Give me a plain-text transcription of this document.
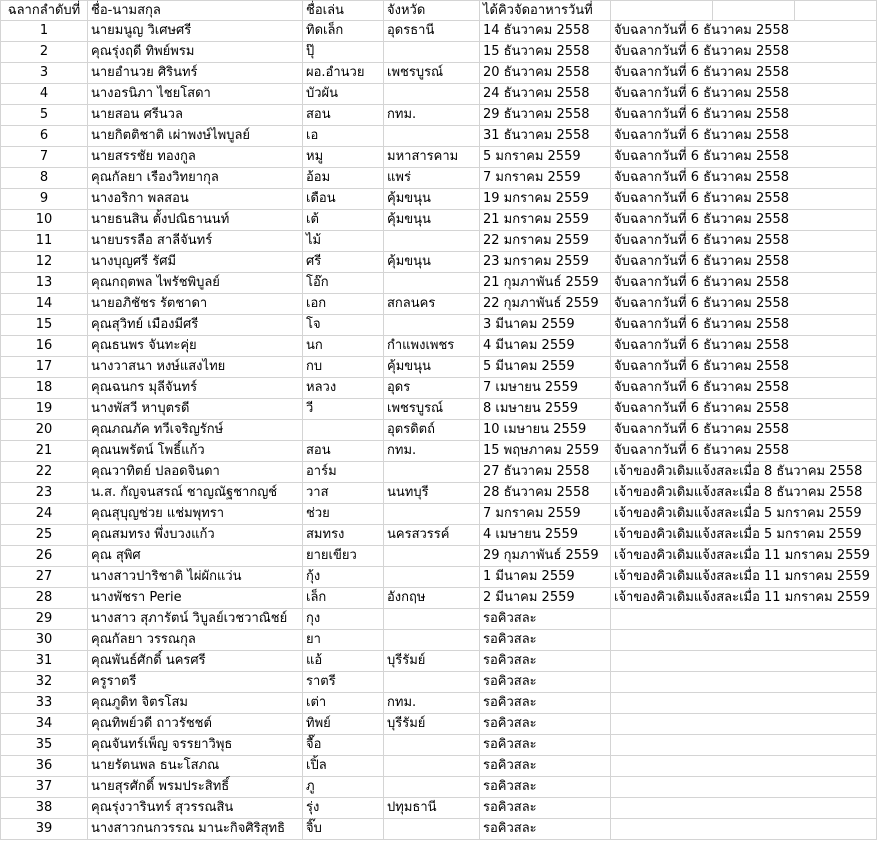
ฉลากลำดับที่	ชื่อ-นามสกุล	ชื่อเล่น	จังหวัด	ได้คิวจัดอาหารวันที่			
1	นายมนูญ วิเศษศรี	ทิดเล็ก	อุดรธานี	14 ธันวาคม 2558	จับฉลากวันที่ 6 ธันวาคม 2558		
2	คุณรุ่งฤดี ทิพย์พรม	ปุ๊		15 ธันวาคม 2558	จับฉลากวันที่ 6 ธันวาคม 2558		
3	นายอำนวย ศิรินทร์	ผอ.อำนวย	เพชรบูรณ์	20 ธันวาคม 2558	จับฉลากวันที่ 6 ธันวาคม 2558		
4	นางอรนิภา ไชยโสดา	บัวผัน		24 ธันวาคม 2558	จับฉลากวันที่ 6 ธันวาคม 2558		
5	นายสอน ศรีนวล	สอน	กทม.	29 ธันวาคม 2558	จับฉลากวันที่ 6 ธันวาคม 2558		
6	นายกิตติชาติ เผ่าพงษ์ไพบูลย์	เอ		31 ธันวาคม 2558	จับฉลากวันที่ 6 ธันวาคม 2558		
7	นายสรรชัย ทองกูล	หมู	มหาสารคาม	5 มกราคม 2559	จับฉลากวันที่ 6 ธันวาคม 2558		
8	คุณกัลยา เรืองวิทยากุล	อ้อม	แพร่	7 มกราคม 2559	จับฉลากวันที่ 6 ธันวาคม 2558		
9	นางอริกา พลสอน	เดือน	คุ้มขนุน	19 มกราคม 2559	จับฉลากวันที่ 6 ธันวาคม 2558		
10	นายธนสิน ตั้งปณิธานนท์	เต้	คุ้มขนุน	21 มกราคม 2559	จับฉลากวันที่ 6 ธันวาคม 2558		
11	นายบรรลือ สาลีจันทร์	ไม้		22 มกราคม 2559	จับฉลากวันที่ 6 ธันวาคม 2558		
12	นางบุญศรี รัศมี	ศรี	คุ้มขนุน	23 มกราคม 2559	จับฉลากวันที่ 6 ธันวาคม 2558		
13	คุณกฤตพล ไพรัชพิบูลย์	โอ๊ก		21 กุมภาพันธ์ 2559	จับฉลากวันที่ 6 ธันวาคม 2558		
14	นายอภิชัชร รัตชาดา	เอก	สกลนคร	22 กุมภาพันธ์ 2559	จับฉลากวันที่ 6 ธันวาคม 2558		
15	คุณสุวิทย์ เมืองมีศรี	โจ		3 มีนาคม 2559	จับฉลากวันที่ 6 ธันวาคม 2558		
16	คุณธนพร จันทะคุ่ย	นก	กำแพงเพชร	4 มีนาคม 2559	จับฉลากวันที่ 6 ธันวาคม 2558		
17	นางวาสนา หงษ์แสงไทย	กบ	คุ้มขนุน	5 มีนาคม 2559	จับฉลากวันที่ 6 ธันวาคม 2558		
18	คุณฉนกร มุลีจันทร์	หลวง	อุดร	7 เมษายน 2559	จับฉลากวันที่ 6 ธันวาคม 2558		
19	นางพัสวี หาบุตรดี	วี	เพชรบูรณ์	8 เมษายน 2559	จับฉลากวันที่ 6 ธันวาคม 2558		
20	คุณภณภัค ทวีเจริญรักษ์		อุตรดิตถ์	10 เมษายน 2559	จับฉลากวันที่ 6 ธันวาคม 2558		
21	คุณนพรัตน์ โพธิ์แก้ว	สอน	กทม.	15 พฤษภาคม 2559	จับฉลากวันที่ 6 ธันวาคม 2558		
22	คุณวาทิตย์ ปลอดจินดา	อาร์ม		27 ธันวาคม 2558	เจ้าของคิวเดิมแจ้งสละเมื่อ 8 ธันวาคม 2558		
23	น.ส. กัญจนสรณ์ ชาญณัฐชากญช์	วาส	นนทบุรี	28 ธันวาคม 2558	เจ้าของคิวเดิมแจ้งสละเมื่อ 8 ธันวาคม 2558		
24	คุณสุบุญช่วย แช่มพุทรา	ช่วย		7 มกราคม 2559	เจ้าของคิวเดิมแจ้งสละเมื่อ 5 มกราคม 2559		
25	คุณสมทรง พึ่งบวงแก้ว	สมทรง	นครสวรรค์	4 เมษายน 2559	เจ้าของคิวเดิมแจ้งสละเมื่อ 5 มกราคม 2559		
26	คุณ สุพิศ	ยายเขียว		29 กุมภาพันธ์ 2559	เจ้าของคิวเดิมแจ้งสละเมื่อ 11 มกราคม 2559		
27	นางสาวปาริชาติ ไผ่ผักแว่น	กุ้ง		1 มีนาคม 2559	เจ้าของคิวเดิมแจ้งสละเมื่อ 11 มกราคม 2559		
28	นางพัชรา Perie	เล็ก	อังกฤษ	2 มีนาคม 2559	เจ้าของคิวเดิมแจ้งสละเมื่อ 11 มกราคม 2559		
29	นางสาว สุภารัตน์ วิบูลย์เวชวาณิชย์	กุง		รอคิวสละ			
30	คุณกัลยา วรรณกุล	ยา		รอคิวสละ			
31	คุณพันธ์ศักดิ์ นครศรี	แอ้	บุรีรัมย์	รอคิวสละ			
32	ครูราตรี	ราตรี		รอคิวสละ			
33	คุณภูดิท จิตรโสม	เต่า	กทม.	รอคิวสละ			
34	คุณทิพย์วดี ถาวรัชชต์	ทิพย์	บุรีรัมย์	รอคิวสละ			
35	คุณจันทร์เพ็ญ จรรยาวิพุธ	จื๊อ		รอคิวสละ			
36	นายรัตนพล ธนะโสภณ	เปิ้ล		รอคิวสละ			
37	นายสุรศักดิ์ พรมประสิทธิ์	ภู		รอคิวสละ			
38	คุณรุ่งวารินทร์ สุวรรณสิน	รุ่ง	ปทุมธานี	รอคิวสละ			
39	นางสาวกนกวรรณ มานะกิจศิริสุทธิ	จิ๊บ		รอคิวสละ			
